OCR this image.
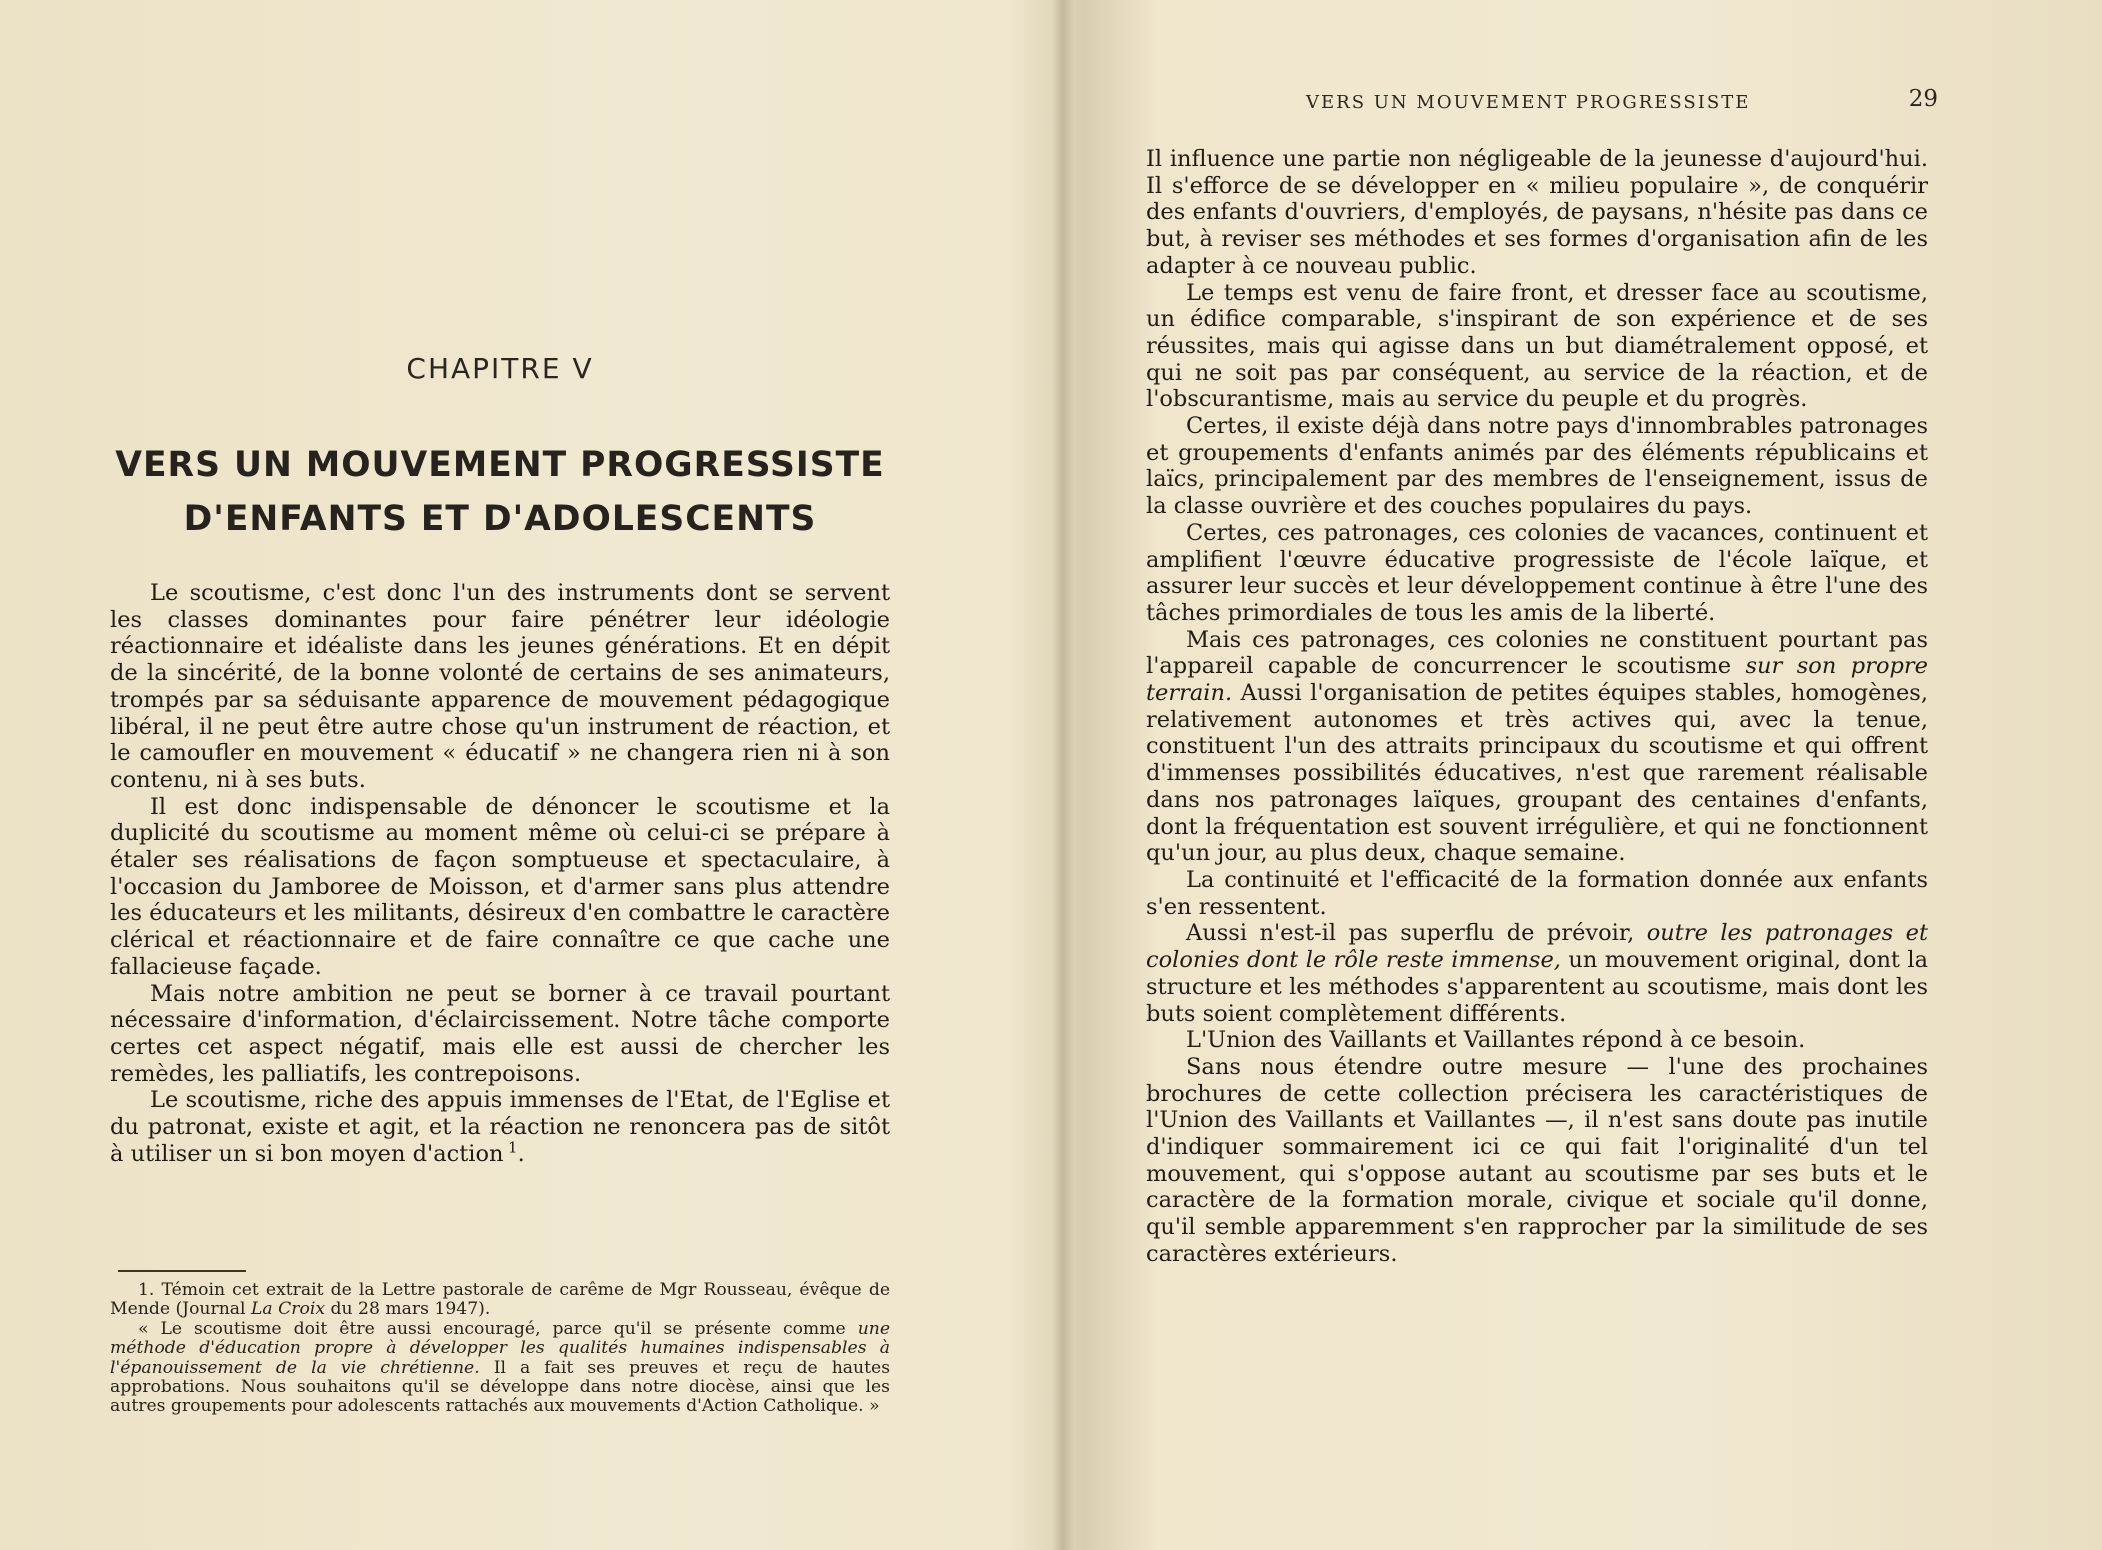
CHAPITRE V
VERS UN MOUVEMENT PROGRESSISTE
D'ENFANTS ET D'ADOLESCENTS

Le scoutisme, c'est donc l'un des instruments dont se servent les classes dominantes pour faire pénétrer leur idéologie réactionnaire et idéaliste dans les jeunes générations. Et en dépit de la sincérité, de la bonne volonté de certains de ses animateurs, trompés par sa séduisante apparence de mouvement pédagogique libéral, il ne peut être autre chose qu'un instrument de réaction, et le camoufler en mouvement « éducatif » ne changera rien ni à son contenu, ni à ses buts.

Il est donc indispensable de dénoncer le scoutisme et la duplicité du scoutisme au moment même où celui-ci se prépare à étaler ses réalisations de façon somptueuse et spectaculaire, à l'occasion du Jamboree de Moisson, et d'armer sans plus attendre les éducateurs et les militants, désireux d'en combattre le caractère clérical et réactionnaire et de faire connaître ce que cache une fallacieuse façade.

Mais notre ambition ne peut se borner à ce travail pourtant nécessaire d'information, d'éclaircissement. Notre tâche comporte certes cet aspect négatif, mais elle est aussi de chercher les remèdes, les palliatifs, les contrepoisons.

Le scoutisme, riche des appuis immenses de l'Etat, de l'Eglise et du patronat, existe et agit, et la réaction ne renoncera pas de sitôt à utiliser un si bon moyen d'action  $^1$.

1. Témoin cet extrait de la Lettre pastorale de carême de Mgr Rousseau, évêque de Mende (Journal La Croix du 28 mars 1947).

« Le scoutisme doit être aussi encouragé, parce qu'il se présente comme une méthode d'éducation propre à développer les qualités humaines indispensables à l'épanouissement de la vie chrétienne. Il a fait ses preuves et reçu de hautes approbations. Nous souhaitons qu'il se développe dans notre diocèse, ainsi que les autres groupements pour adolescents rattachés aux mouvements d'Action Catholique. »

VERS UN MOUVEMENT PROGRESSISTE	29

Il influence une partie non négligeable de la jeunesse d'aujourd'hui. Il s'efforce de se développer en « milieu populaire », de conquérir des enfants d'ouvriers, d'employés, de paysans, n'hésite pas dans ce but, à reviser ses méthodes et ses formes d'organisation afin de les adapter à ce nouveau public.

Le temps est venu de faire front, et dresser face au scoutisme, un édifice comparable, s'inspirant de son expérience et de ses réussites, mais qui agisse dans un but diamétralement opposé, et qui ne soit pas par conséquent, au service de la réaction, et de l'obscurantisme, mais au service du peuple et du progrès.

Certes, il existe déjà dans notre pays d'innombrables patronages et groupements d'enfants animés par des éléments républicains et laïcs, principalement par des membres de l'enseignement, issus de la classe ouvrière et des couches populaires du pays.

Certes, ces patronages, ces colonies de vacances, continuent et amplifient l'œuvre éducative progressiste de l'école laïque, et assurer leur succès et leur développement continue à être l'une des tâches primordiales de tous les amis de la liberté.

Mais ces patronages, ces colonies ne constituent pourtant pas l'appareil capable de concurrencer le scoutisme sur son propre terrain. Aussi l'organisation de petites équipes stables, homogènes, relativement autonomes et très actives qui, avec la tenue, constituent l'un des attraits principaux du scoutisme et qui offrent d'immenses possibilités éducatives, n'est que rarement réalisable dans nos patronages laïques, groupant des centaines d'enfants, dont la fréquentation est souvent irrégulière, et qui ne fonctionnent qu'un jour, au plus deux, chaque semaine.

La continuité et l'efficacité de la formation donnée aux enfants s'en ressentent.

Aussi n'est-il pas superflu de prévoir, outre les patronages et colonies dont le rôle reste immense, un mouvement original, dont la structure et les méthodes s'apparentent au scoutisme, mais dont les buts soient complètement différents.

L'Union des Vaillants et Vaillantes répond à ce besoin.

Sans nous étendre outre mesure — l'une des prochaines brochures de cette collection précisera les caractéristiques de l'Union des Vaillants et Vaillantes —, il n'est sans doute pas inutile d'indiquer sommairement ici ce qui fait l'originalité d'un tel mouvement, qui s'oppose autant au scoutisme par ses buts et le caractère de la formation morale, civique et sociale qu'il donne, qu'il semble apparemment s'en rapprocher par la similitude de ses caractères extérieurs.
